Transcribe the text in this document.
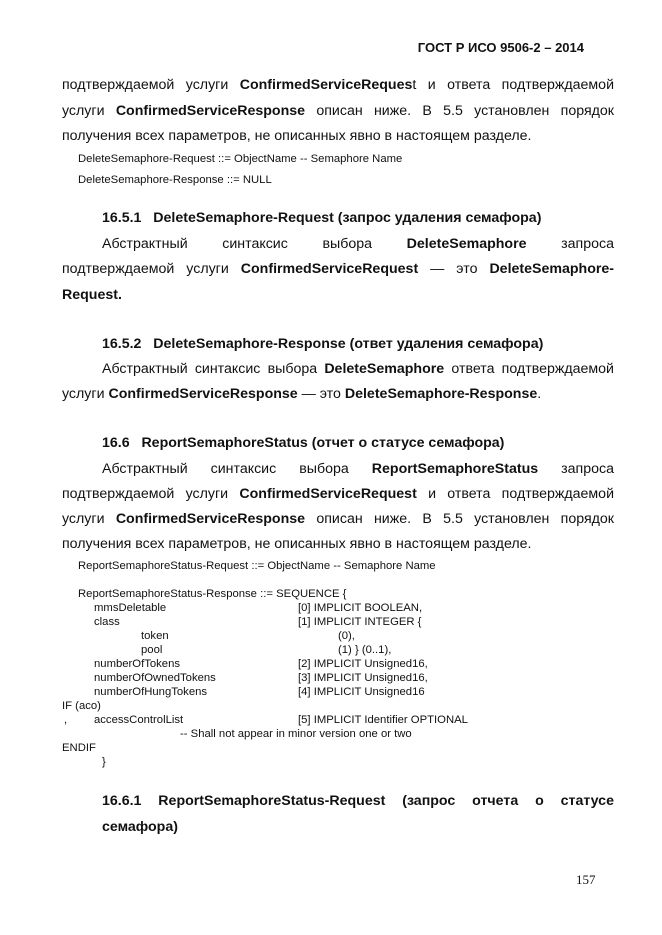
ГОСТ Р ИСО 9506-2 – 2014
подтверждаемой услуги ConfirmedServiceRequest и ответа подтверждаемой
услуги ConfirmedServiceResponse описан ниже. В 5.5 установлен порядок
получения всех параметров, не описанных явно в настоящем разделе.
DeleteSemaphore-Request ::= ObjectName -- Semaphore Name
DeleteSemaphore-Response ::= NULL
16.5.1   DeleteSemaphore-Request (запрос удаления семафора)
Абстрактный синтаксис выбора DeleteSemaphore запроса
подтверждаемой услуги ConfirmedServiceRequest — это DeleteSemaphore-
Request.
16.5.2   DeleteSemaphore-Response (ответ удаления семафора)
Абстрактный синтаксис выбора DeleteSemaphore ответа подтверждаемой
услуги ConfirmedServiceResponse — это DeleteSemaphore-Response.
16.6   ReportSemaphoreStatus (отчет о статусе семафора)
Абстрактный синтаксис выбора ReportSemaphoreStatus запроса
подтверждаемой услуги ConfirmedServiceRequest и ответа подтверждаемой
услуги ConfirmedServiceResponse описан ниже. В 5.5 установлен порядок
получения всех параметров, не описанных явно в настоящем разделе.
ReportSemaphoreStatus-Request ::= ObjectName -- Semaphore Name
ReportSemaphoreStatus-Response ::= SEQUENCE {
mmsDeletable	[0] IMPLICIT BOOLEAN,
class	[1] IMPLICIT INTEGER {
token	(0),
pool	(1) } (0..1),
numberOfTokens	[2] IMPLICIT Unsigned16,
numberOfOwnedTokens	[3] IMPLICIT Unsigned16,
numberOfHungTokens	[4] IMPLICIT Unsigned16
IF (aco)
, accessControlList	[5] IMPLICIT Identifier OPTIONAL
-- Shall not appear in minor version one or two
ENDIF
}
16.6.1 ReportSemaphoreStatus-Request (запрос отчета о статусе
семафора)
157
